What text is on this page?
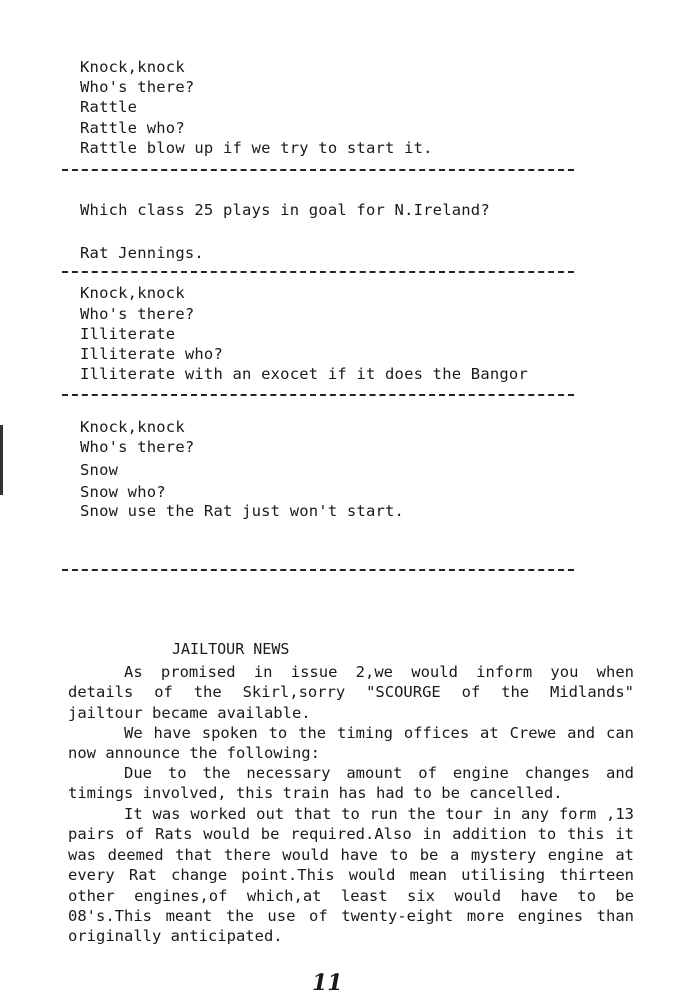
Knock,knock
Who's there?
Rattle
Rattle who?
Rattle blow up if we try to start it.
Which class 25 plays in goal for N.Ireland?
Rat Jennings.
Knock,knock
Who's there?
Illiterate
Illiterate who?
Illiterate with an exocet if it does the Bangor
Knock,knock
Who's there?
Snow
Snow who?
Snow use the Rat just won't start.
JAILTOUR NEWS

As promised in issue 2,we would inform you when details of the Skirl,sorry "SCOURGE of the Midlands" jailtour became available.

We have spoken to the timing offices at Crewe and can now announce the following:

Due to the necessary amount of engine changes and timings involved, this train has had to be cancelled.

It was worked out that to run the tour in any form ,13 pairs of Rats would be required.Also in addition to this it was deemed that there would have to be a mystery engine at every Rat change point.This would mean utilising thirteen other engines,of which,at least six would have to be 08's.This meant the use of twenty-eight more engines than originally anticipated.

11
